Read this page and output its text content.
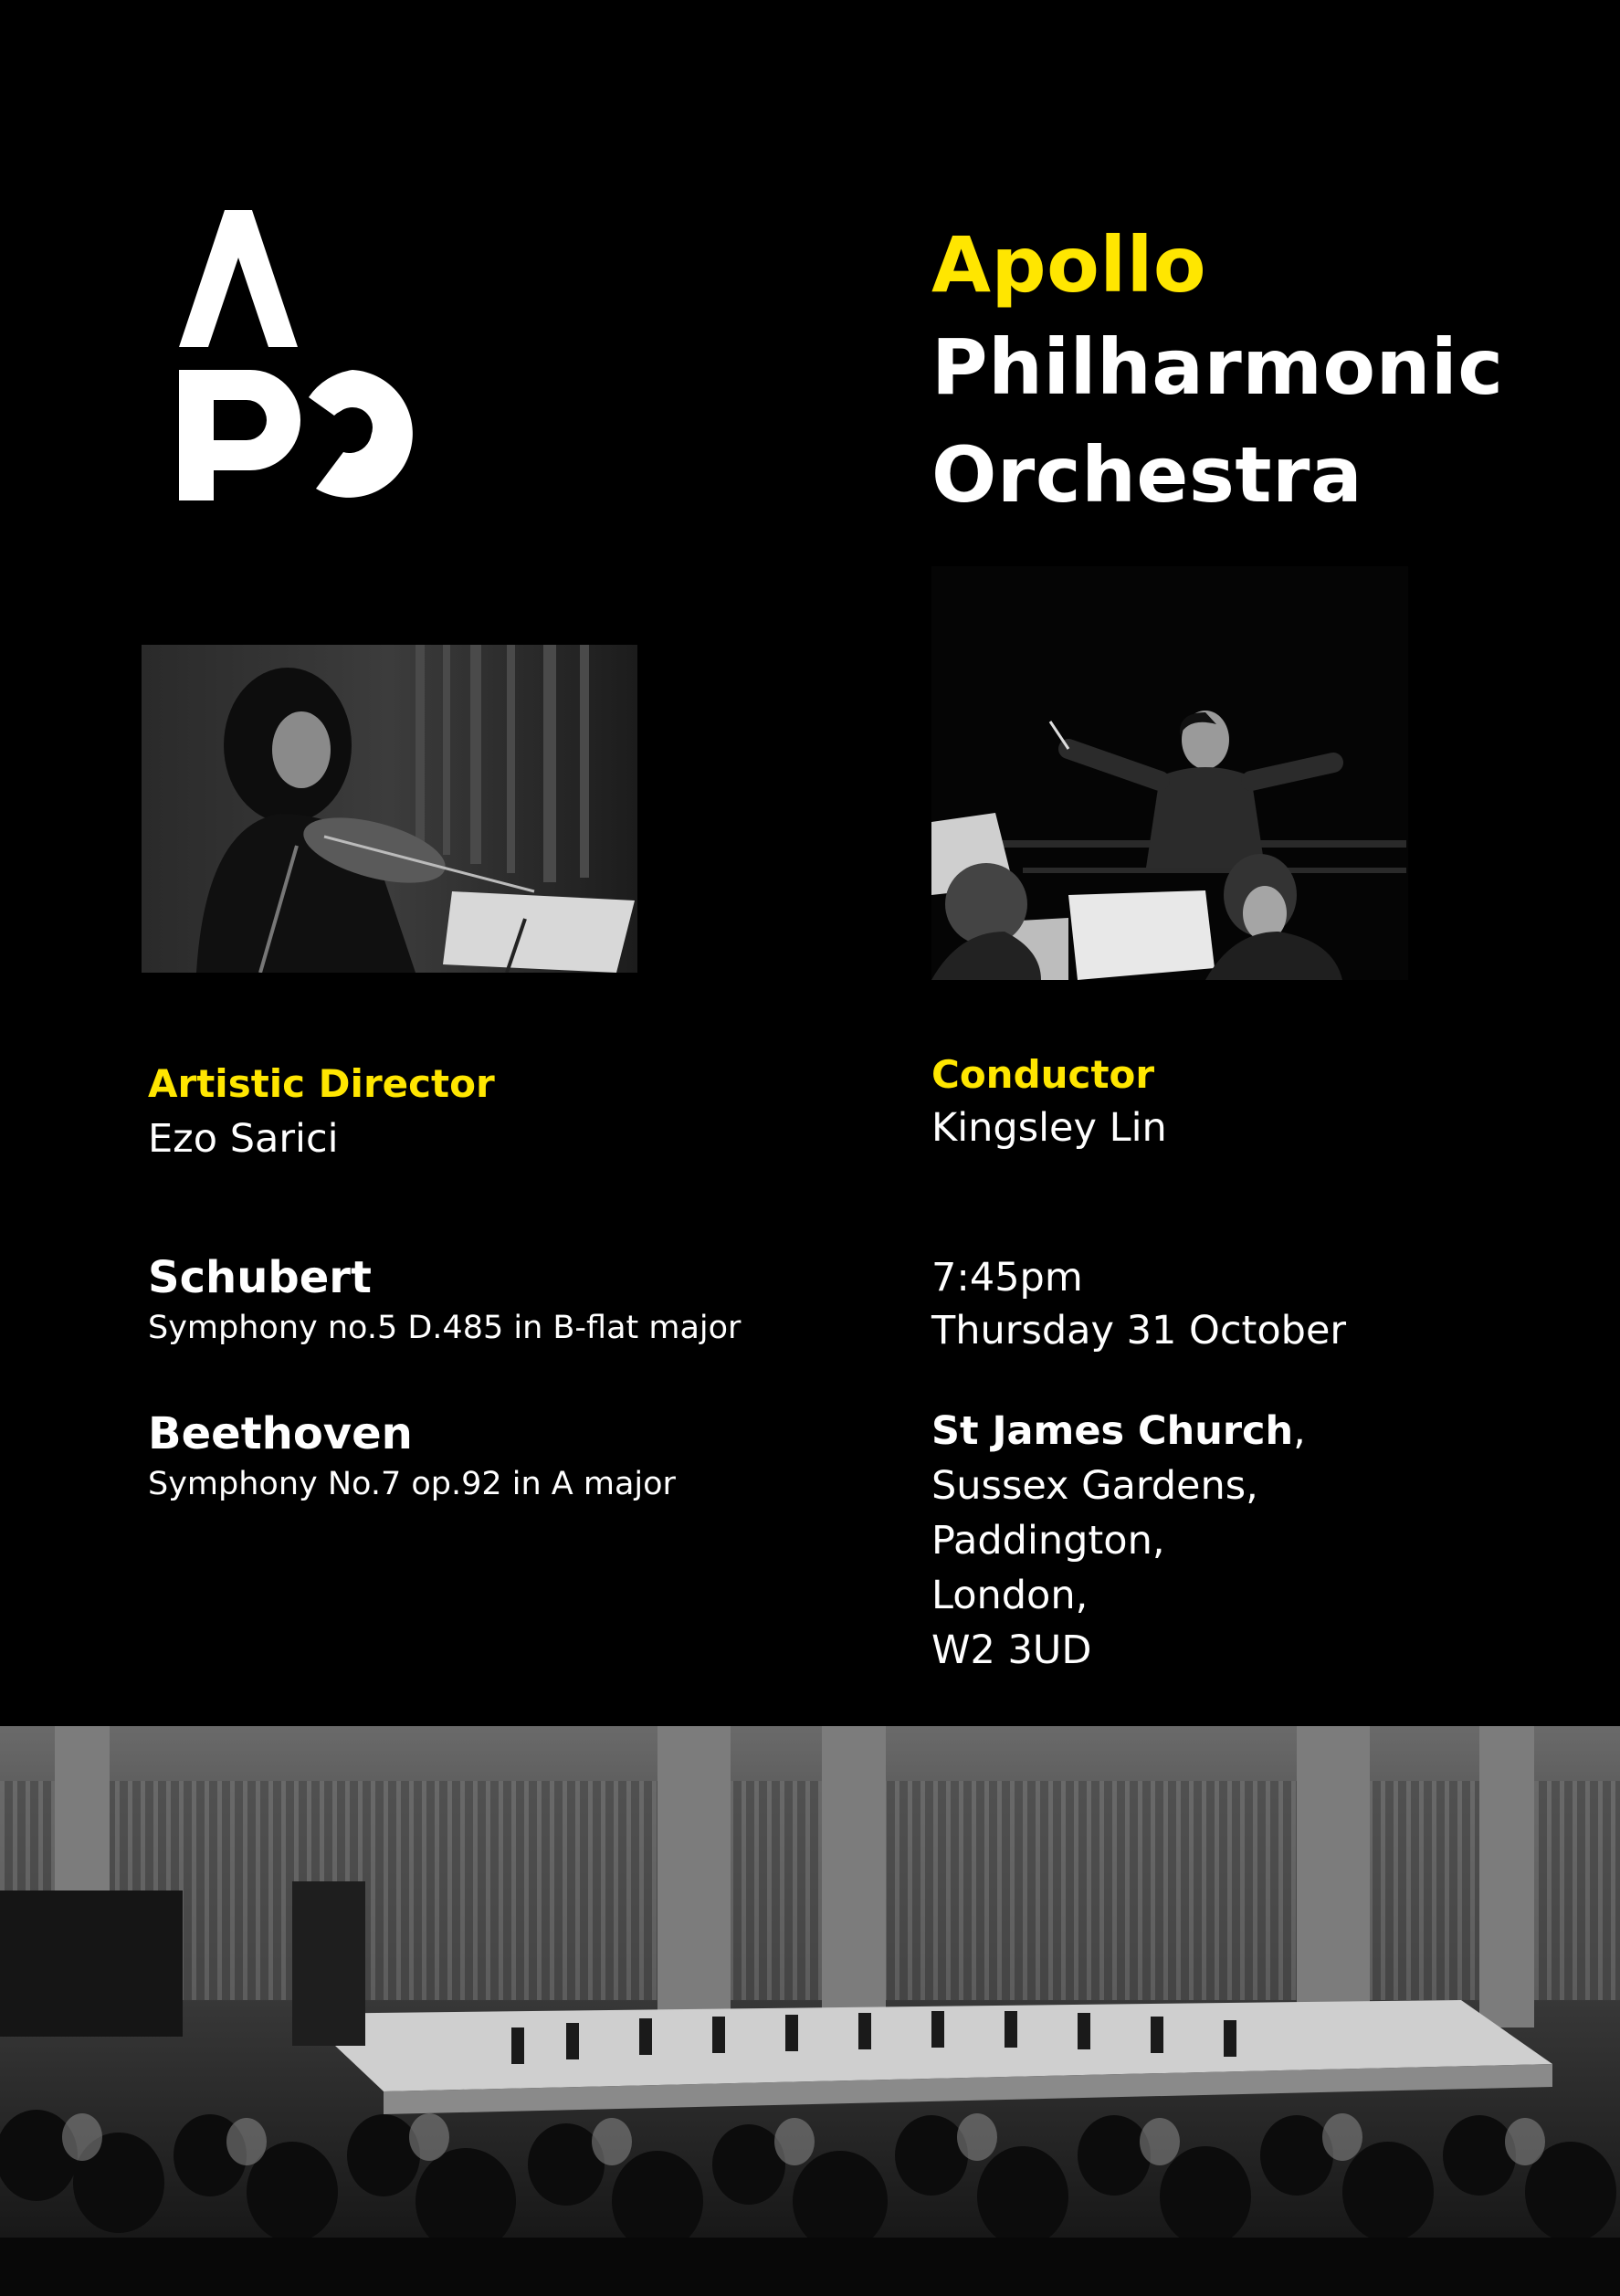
Apollo
Philharmonic
Orchestra
Artistic Director
Ezo Sarici
Conductor
Kingsley Lin
Schubert
Symphony no.5 D.485 in B-flat major
Beethoven
Symphony No.7 op.92 in A major
7:45pm
Thursday 31 October
St James Church,
Sussex Gardens,
Paddington,
London,
W2 3UD
